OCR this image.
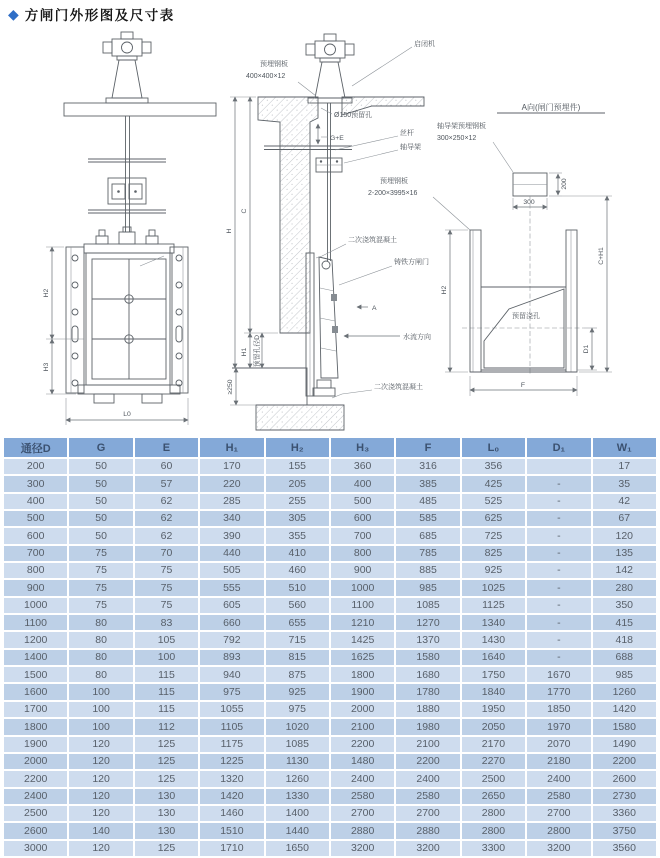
◆ 方闸门外形图及尺寸表
H2
H3
L0
启闭机
预埋钢板
400×400×12
Ø150预留孔
G+E
丝杆
轴导架
H
C
H1 预留孔径D
≥250
A
水流方向
二次浇筑混凝土
铸铁方闸门
二次浇筑混凝土
A向(闸门预埋件)
轴导架预埋钢板
300×250×12
200
300
C+H1
预埋钢板
2-200×3995×16
H2
预留浇孔
D1
F
通径D	G	E	H₁	H₂	H₃	F	L₀	D₁	W₁
200	50	60	170	155	360	316	356		17
300	50	57	220	205	400	385	425	-	35
400	50	62	285	255	500	485	525	-	42
500	50	62	340	305	600	585	625	-	67
600	50	62	390	355	700	685	725	-	120
700	75	70	440	410	800	785	825	-	135
800	75	75	505	460	900	885	925	-	142
900	75	75	555	510	1000	985	1025	-	280
1000	75	75	605	560	1100	1085	1125	-	350
1100	80	83	660	655	1210	1270	1340	-	415
1200	80	105	792	715	1425	1370	1430	-	418
1400	80	100	893	815	1625	1580	1640	-	688
1500	80	115	940	875	1800	1680	1750	1670	985
1600	100	115	975	925	1900	1780	1840	1770	1260
1700	100	115	1055	975	2000	1880	1950	1850	1420
1800	100	112	1105	1020	2100	1980	2050	1970	1580
1900	120	125	1175	1085	2200	2100	2170	2070	1490
2000	120	125	1225	1130	1480	2200	2270	2180	2200
2200	120	125	1320	1260	2400	2400	2500	2400	2600
2400	120	130	1420	1330	2580	2580	2650	2580	2730
2500	120	130	1460	1400	2700	2700	2800	2700	3360
2600	140	130	1510	1440	2880	2880	2800	2800	3750
3000	120	125	1710	1650	3200	3200	3300	3200	3560
